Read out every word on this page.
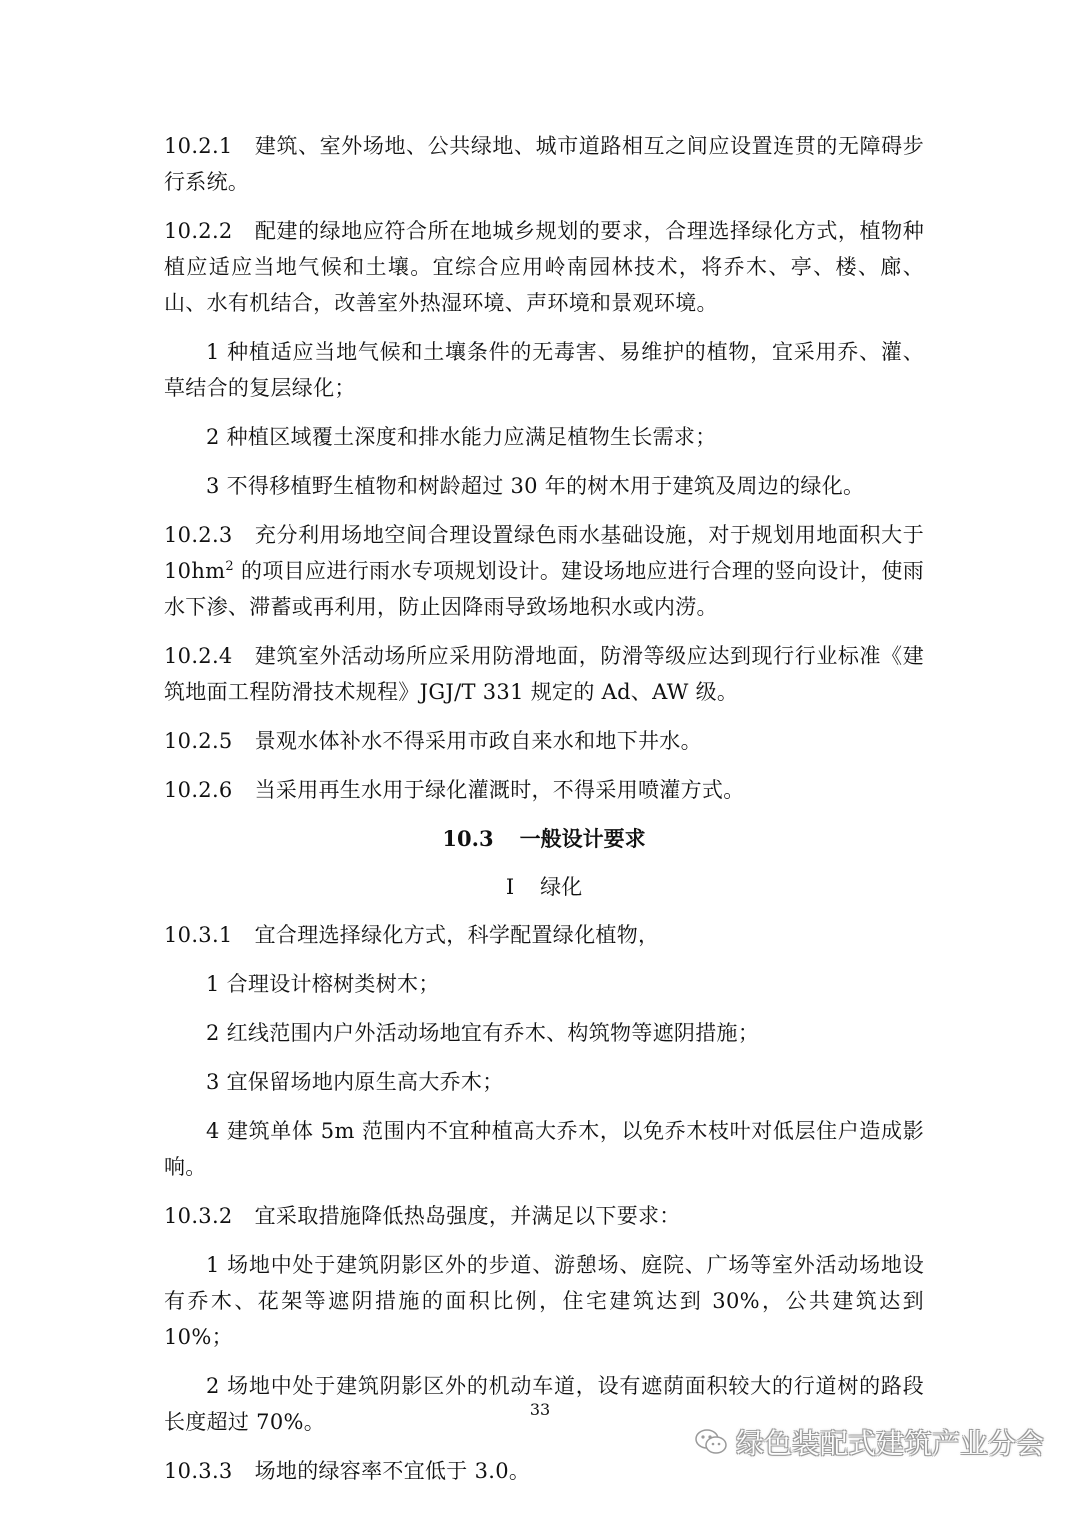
10.2.1 建筑、室外场地、公共绿地、城市道路相互之间应设置连贯的无障碍步行系统。

10.2.2 配建的绿地应符合所在地城乡规划的要求，合理选择绿化方式，植物种植应适应当地气候和土壤。宜综合应用岭南园林技术，将乔木、亭、楼、廊、山、水有机结合，改善室外热湿环境、声环境和景观环境。

1 种植适应当地气候和土壤条件的无毒害、易维护的植物，宜采用乔、灌、草结合的复层绿化；

2 种植区域覆土深度和排水能力应满足植物生长需求；

3 不得移植野生植物和树龄超过 30 年的树木用于建筑及周边的绿化。

10.2.3 充分利用场地空间合理设置绿色雨水基础设施，对于规划用地面积大于 $10hm^2$ 的项目应进行雨水专项规划设计。建设场地应进行合理的竖向设计，使雨水下渗、滞蓄或再利用，防止因降雨导致场地积水或内涝。

10.2.4 建筑室外活动场所应采用防滑地面，防滑等级应达到现行行业标准《建筑地面工程防滑技术规程》JGJ/T 331 规定的 Ad、AW 级。

10.2.5 景观水体补水不得采用市政自来水和地下井水。

10.2.6 当采用再生水用于绿化灌溉时，不得采用喷灌方式。

10.3 一般设计要求
Ⅰ 绿化

10.3.1 宜合理选择绿化方式，科学配置绿化植物，

1 合理设计榕树类树木；

2 红线范围内户外活动场地宜有乔木、构筑物等遮阴措施；

3 宜保留场地内原生高大乔木；

4 建筑单体 5m 范围内不宜种植高大乔木，以免乔木枝叶对低层住户造成影响。

10.3.2 宜采取措施降低热岛强度，并满足以下要求：

1 场地中处于建筑阴影区外的步道、游憩场、庭院、广场等室外活动场地设有乔木、花架等遮阴措施的面积比例，住宅建筑达到 30%，公共建筑达到 10%；

2 场地中处于建筑阴影区外的机动车道，设有遮荫面积较大的行道树的路段长度超过 70%。

10.3.3 场地的绿容率不宜低于 3.0。

33
绿色装配式建筑产业分会
